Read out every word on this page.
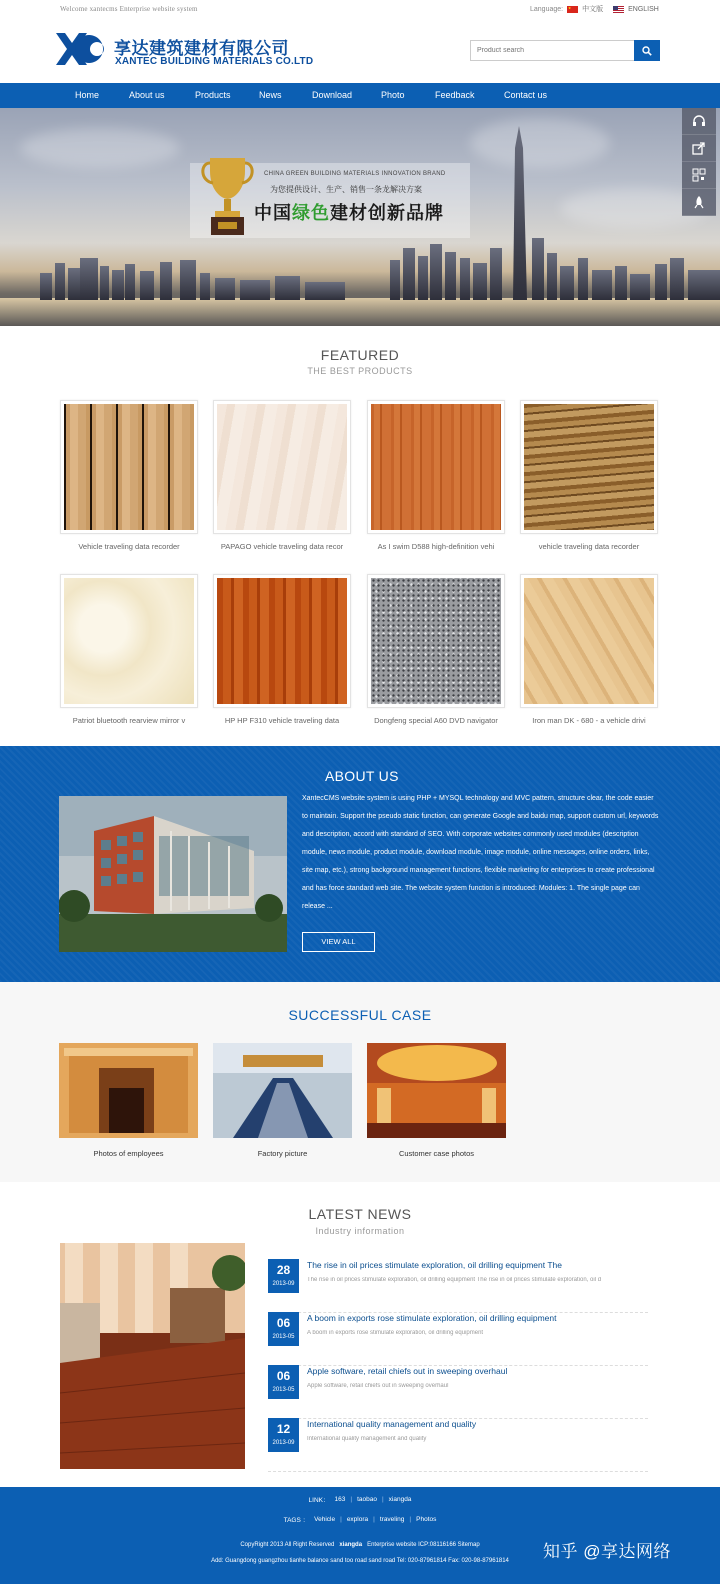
Welcome xantecms Enterprise website system	Language:	中文版	ENGLISH
享达建筑建材有限公司
XANTEC BUILDING MATERIALS CO.LTD
Product search
Home	About us	Products	News	Download	Photo	Feedback	Contact us
CHINA GREEN BUILDING MATERIALS INNOVATION BRAND
为您提供设计、生产、销售一条龙解决方案
中国绿色建材创新品牌
FEATURED
THE BEST PRODUCTS
Vehicle traveling data recorder	PAPAGO vehicle traveling data recor	As I swim D588 high-definition vehi	vehicle traveling data recorder
Patriot bluetooth rearview mirror v	HP HP F310 vehicle traveling data	Dongfeng special A60 DVD navigator	Iron man DK - 680 - a vehicle drivi
ABOUT US
XantecCMS website system is using PHP + MYSQL technology and MVC pattern, structure clear, the code easier to maintain. Support the pseudo static function, can generate Google and baidu map, support custom url, keywords and description, accord with standard of SEO. With corporate websites commonly used modules (description module, news module, product module, download module, image module, online messages, online orders, links, site map, etc.), strong background management functions, flexible marketing for enterprises to create professional and has force standard web site. The website system function is introduced: Modules: 1. The single page can release ...
VIEW ALL
SUCCESSFUL CASE
Photos of employees	Factory picture	Customer case photos
LATEST NEWS
Industry information
28
2013-09
The rise in oil prices stimulate exploration, oil drilling equipment The
The rise in oil prices stimulate exploration, oil drilling equipment The rise in oil prices stimulate exploration, oil d
06
2013-05
A boom in exports rose stimulate exploration, oil drilling equipment
A boom in exports rose stimulate exploration, oil drilling equipment
06
2013-05
Apple software, retail chiefs out in sweeping overhaul
Apple software, retail chiefs out in sweeping overhaul
12
2013-09
International quality management and quality
International quality management and quality
LINK： 163 | taobao | xiangda
TAGS ： Vehicle | explora | traveling | Photos
CopyRight 2013 All Right Reserved xiangda Enterprise website ICP:08116166 Sitemap
Add: Guangdong guangzhou tianhe balance sand too road sand road Tel: 020-87961814 Fax: 020-98-87961814	知乎 @享达网络
